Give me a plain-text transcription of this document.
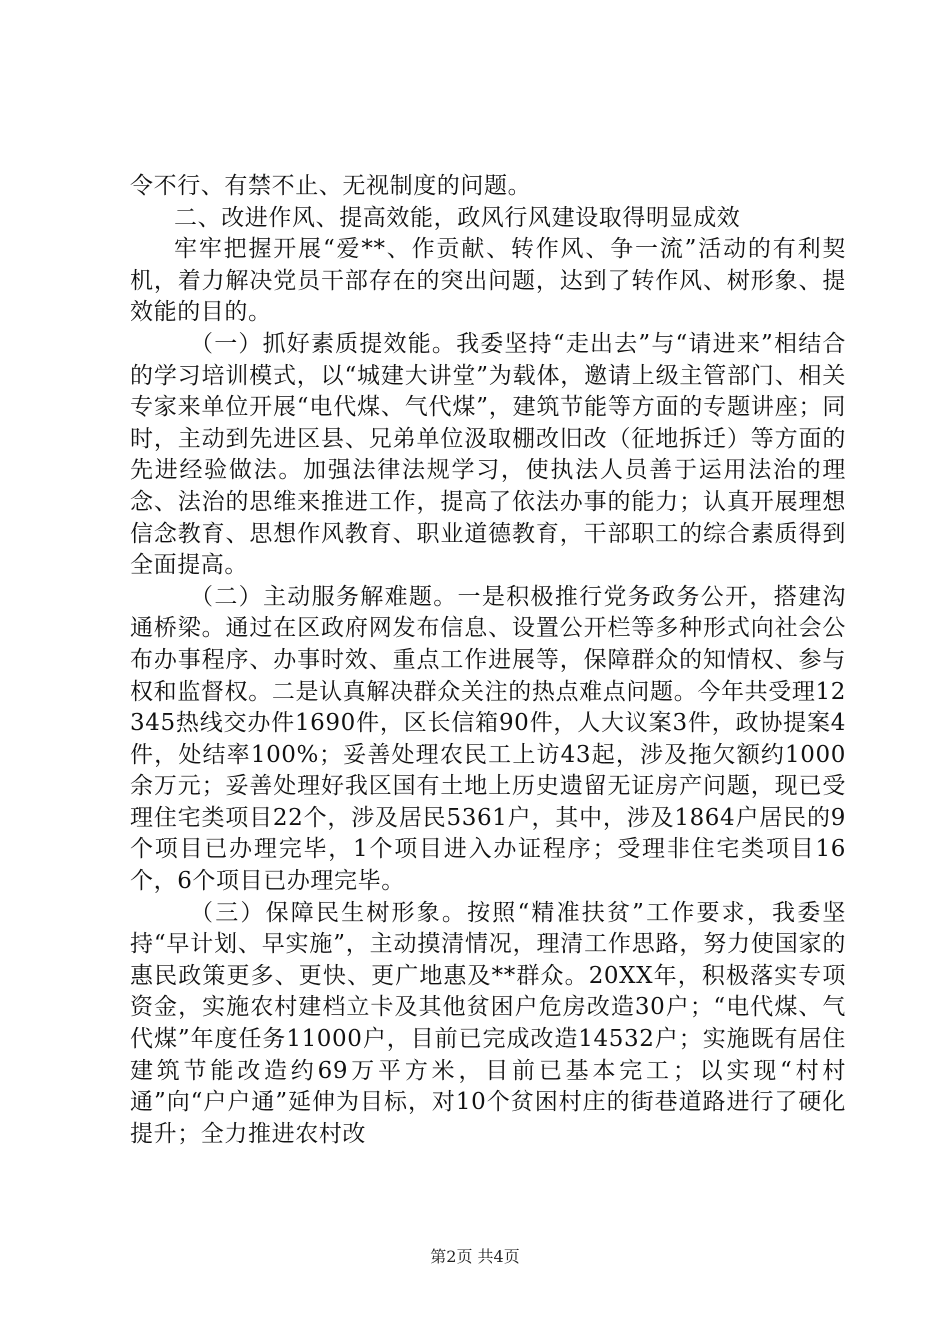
令不行、有禁不止、无视制度的问题。

二、改进作风、提高效能，政风行风建设取得明显成效

牢牢把握开展“爱**、作贡献、转作风、争一流”活动的有利契机，着力解决党员干部存在的突出问题，达到了转作风、树形象、提效能的目的。

（一）抓好素质提效能。我委坚持“走出去”与“请进来”相结合的学习培训模式，以“城建大讲堂”为载体，邀请上级主管部门、相关专家来单位开展“电代煤、气代煤”，建筑节能等方面的专题讲座；同时，主动到先进区县、兄弟单位汲取棚改旧改（征地拆迁）等方面的先进经验做法。加强法律法规学习，使执法人员善于运用法治的理念、法治的思维来推进工作，提高了依法办事的能力；认真开展理想信念教育、思想作风教育、职业道德教育，干部职工的综合素质得到全面提高。

（二）主动服务解难题。一是积极推行党务政务公开，搭建沟通桥梁。通过在区政府网发布信息、设置公开栏等多种形式向社会公布办事程序、办事时效、重点工作进展等，保障群众的知情权、参与权和监督权。二是认真解决群众关注的热点难点问题。今年共受理12345热线交办件1690件，区长信箱90件，人大议案3件，政协提案4件，处结率100%；妥善处理农民工上访43起，涉及拖欠额约1000余万元；妥善处理好我区国有土地上历史遗留无证房产问题，现已受理住宅类项目22个，涉及居民5361户，其中，涉及1864户居民的9个项目已办理完毕，1个项目进入办证程序；受理非住宅类项目16个，6个项目已办理完毕。

（三）保障民生树形象。按照“精准扶贫”工作要求，我委坚持“早计划、早实施”，主动摸清情况，理清工作思路，努力使国家的惠民政策更多、更快、更广地惠及**群众。20XX年，积极落实专项资金，实施农村建档立卡及其他贫困户危房改造30户；“电代煤、气代煤”年度任务11000户，目前已完成改造14532户；实施既有居住建筑节能改造约69万平方米，目前已基本完工；以实现“村村通”向“户户通”延伸为目标，对10个贫困村庄的街巷道路进行了硬化提升；全力推进农村改

第2页 共4页
